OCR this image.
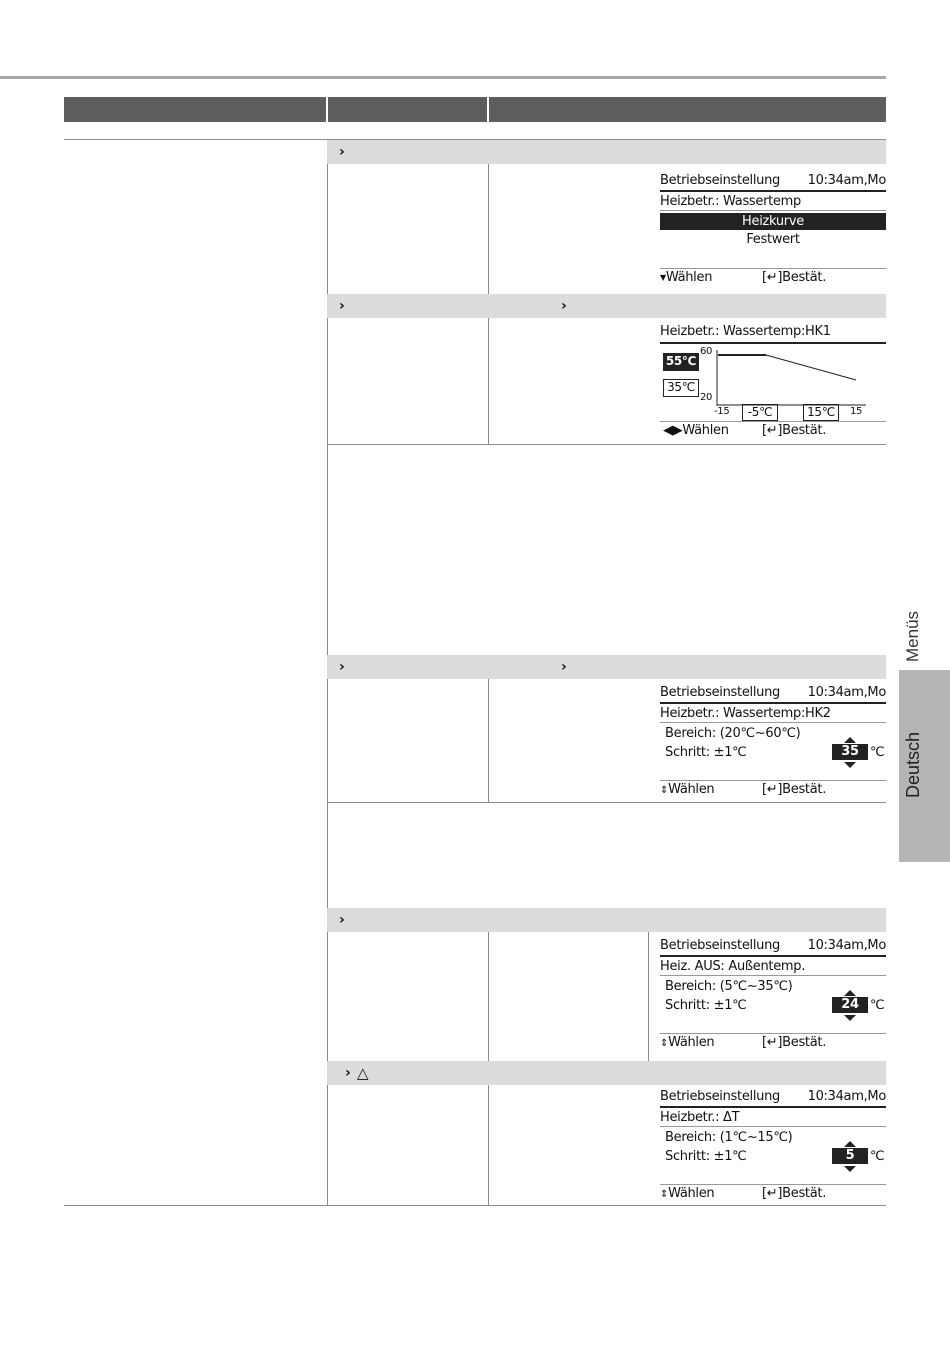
›
›	›
›	›
›
› △
Betriebseinstellung 10:34am,Mo
Heizbetr.: Wassertemp
Heizkurve
Festwert
▼Wählen	[↵]Bestät.
Heizbetr.: Wassertemp:HK1
55℃
35℃
60
20
-15	-5℃	15℃	15
◀▶Wählen	[↵]Bestät.
Betriebseinstellung 10:34am,Mo
Heizbetr.: Wassertemp:HK2
Bereich: (20℃~60℃)
Schritt: ±1℃	35 ℃
⇕Wählen	[↵]Bestät.
Betriebseinstellung 10:34am,Mo
Heiz. AUS: Außentemp.
Bereich: (5℃~35℃)
Schritt: ±1℃	24 ℃
⇕Wählen	[↵]Bestät.
Betriebseinstellung 10:34am,Mo
Heizbetr.: ΔT
Bereich: (1℃~15℃)
Schritt: ±1℃	5	℃
⇕Wählen	[↵]Bestät.
Menüs
Deutsch
